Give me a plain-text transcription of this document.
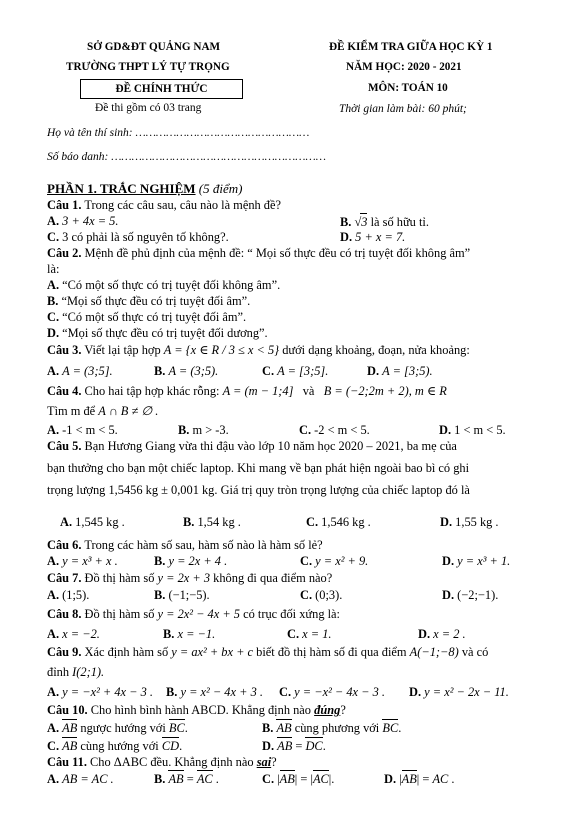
SỞ GD&ĐT QUẢNG NAM	ĐỀ KIỂM TRA GIỮA HỌC KỲ 1
TRƯỜNG THPT LÝ TỰ TRỌNG	NĂM HỌC: 2020 - 2021
ĐỀ CHÍNH THỨC	MÔN: TOÁN 10
Đề thi gồm có 03 trang	Thời gian làm bài: 60 phút;
Họ và tên thí sinh: ……………………………………………
Số báo danh: ………………………………………………………
PHẦN 1. TRẮC NGHIỆM (5 điểm)
Câu 1. Trong các câu sau, câu nào là mệnh đề?
A. 3 + 4x = 5.	B. √3 là số hữu tỉ.
C. 3 có phải là số nguyên tố không?.	D. 5 + x = 7.
Câu 2. Mệnh đề phủ định của mệnh đề: “ Mọi số thực đều có trị tuyệt đối không âm”
là:
A. “Có một số thực có trị tuyệt đối không âm”.
B. “Mọi số thực đều có trị tuyệt đối âm”.
C. “Có một số thực có trị tuyệt đối âm”.
D. “Mọi số thực đều có trị tuyệt đối dương”.
Câu 3. Viết lại tập hợp A = {x ∈ R / 3 ≤ x < 5} dưới dạng khoảng, đoạn, nửa khoảng:
A. A = (3;5].	B. A = (3;5).	C. A = [3;5].	D. A = [3;5).
Câu 4. Cho hai tập hợp khác rỗng: A = (m − 1;4] và B = (−2;2m + 2), m ∈ R
Tìm m để A ∩ B ≠ ∅ .
A. -1 < m < 5.	B. m > -3.	C. -2 < m < 5.	D. 1 < m < 5.
Câu 5. Bạn Hương Giang vừa thi đậu vào lớp 10 năm học 2020 – 2021, ba mẹ của
bạn thưởng cho bạn một chiếc laptop. Khi mang về bạn phát hiện ngoài bao bì có ghi
trọng lượng 1,5456 kg ± 0,001 kg. Giá trị quy tròn trọng lượng của chiếc laptop đó là
A. 1,545 kg .	B. 1,54 kg .	C. 1,546 kg .	D. 1,55 kg .
Câu 6. Trong các hàm số sau, hàm số nào là hàm số lẻ?
A. y = x³ + x .	B. y = 2x + 4 .	C. y = x² + 9.	D. y = x³ + 1.
Câu 7. Đồ thị hàm số y = 2x + 3 không đi qua điểm nào?
A. (1;5).	B. (−1;−5).	C. (0;3).	D. (−2;−1).
Câu 8. Đồ thị hàm số y = 2x² − 4x + 5 có trục đối xứng là:
A. x = −2.	B. x = −1.	C. x = 1.	D. x = 2 .
Câu 9. Xác định hàm số y = ax² + bx + c biết đồ thị hàm số đi qua điểm A(−1;−8) và có
đỉnh I(2;1).
A. y = −x² + 4x − 3 . B. y = x² − 4x + 3 . C. y = −x² − 4x − 3 . D. y = x² − 2x − 11.
Câu 10. Cho hình bình hành ABCD. Khẳng định nào đúng?
A. AB ngược hướng với BC.	B. AB cùng phương với BC.
C. AB cùng hướng với CD.	D. AB = DC.
Câu 11. Cho ΔABC đều. Khẳng định nào sai?
A. AB = AC .	B. AB = AC .	C. |AB| = |AC|.	D. |AB| = AC .
